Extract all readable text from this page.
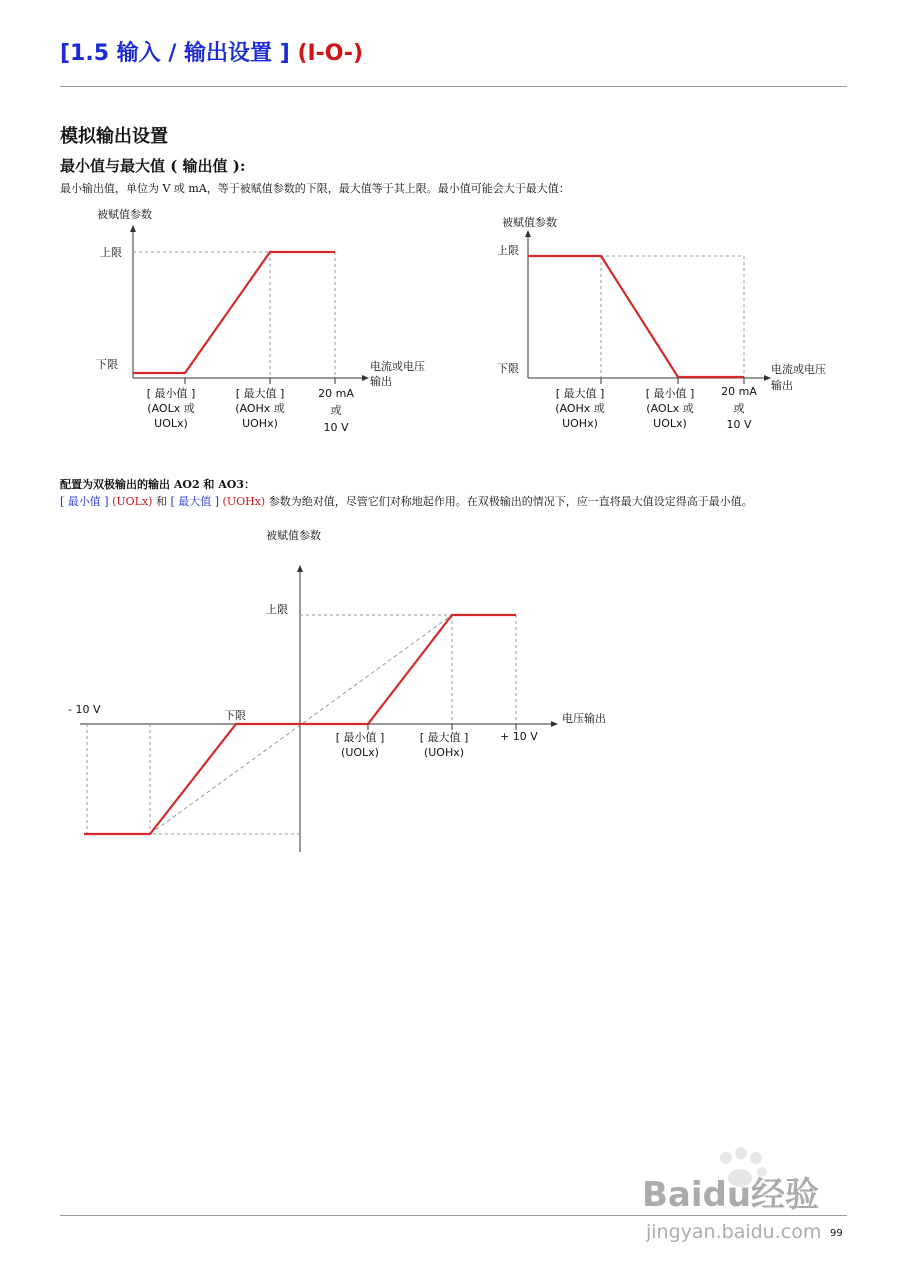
[1.5 输入 / 输出设置 ] (I-O-)
模拟输出设置
最小值与最大值 ( 输出值 ):
最小输出值，单位为 V 或 mA，等于被赋值参数的下限，最大值等于其上限。最小值可能会大于最大值：
被赋值参数
上限
下限	电流或电压
输出
[ 最小值 ]
(AOLx 或
UOLx)
[ 最大值 ]
(AOHx 或
UOHx)
20 mA
或
10 V
被赋值参数
上限
下限	电流或电压
输出
[ 最大值 ]
(AOHx 或
UOHx)
[ 最小值 ]
(AOLx 或
UOLx)
20 mA
或
10 V
被赋值参数
上限
下限	电压输出
- 10 V
+ 10 V
[ 最小值 ]
(UOLx)
[ 最大值 ]
(UOHx)
Baidu经验
jingyan.baidu.com
配置为双极输出的输出 AO2 和 AO3：
[ 最小值 ] (UOLx) 和 [ 最大值 ] (UOHx) 参数为绝对值，尽管它们对称地起作用。在双极输出的情况下，应一直将最大值设定得高于最小值。
99
